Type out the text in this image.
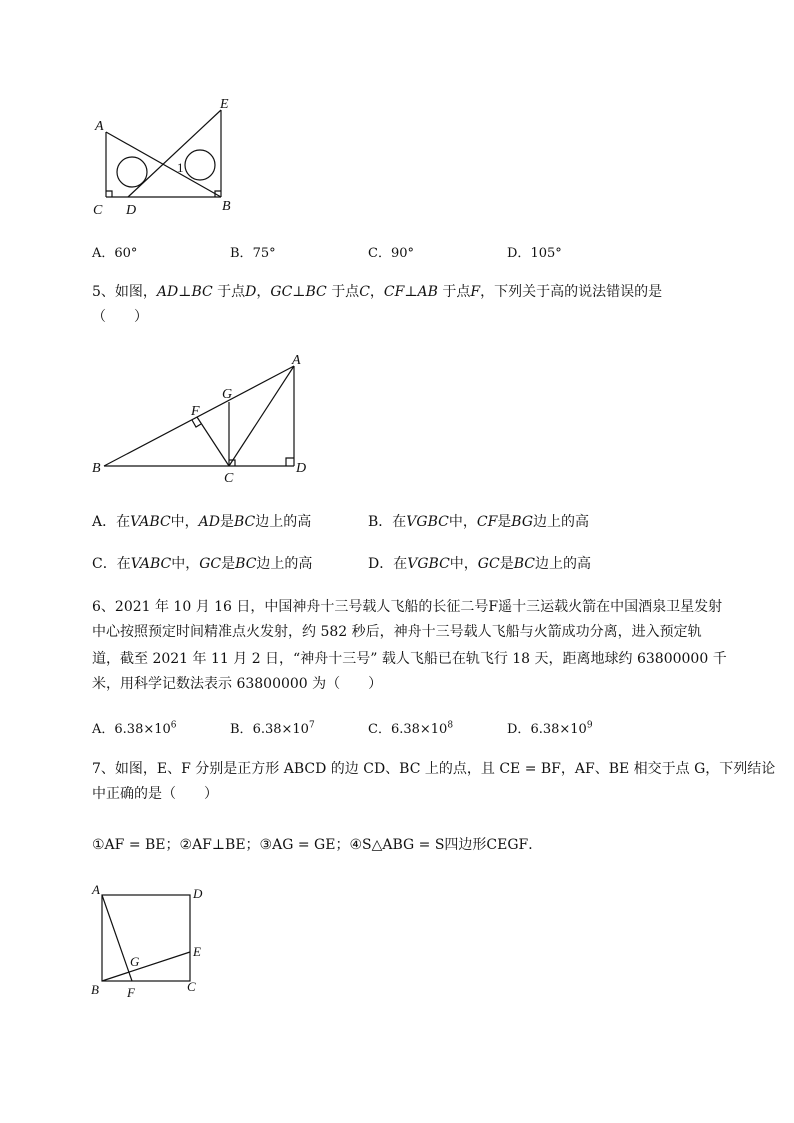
A
E
C D	B
1
A．60°	B．75°	C．90°	D．105°
5、如图，AD⊥BC 于点D，GC⊥BC 于点C，CF⊥AB 于点F，下列关于高的说法错误的是
（　　）
A
G
F
B
C
D
A．在VABC中，AD是BC边上的高	B．在VGBC中，CF是BG边上的高
C．在VABC中，GC是BC边上的高	D．在VGBC中，GC是BC边上的高
6、2021 年 10 月 16 日，中国神舟十三号载人飞船的长征二号F遥十三运载火箭在中国酒泉卫星发射
中心按照预定时间精准点火发射，约 582 秒后，神舟十三号载人飞船与火箭成功分离，进入预定轨
道，截至 2021 年 11 月 2 日，“神舟十三号” 载人飞船已在轨飞行 18 天，距离地球约 63800000 千
米，用科学记数法表示 63800000 为（　　）
A．$6.38\times 10^6$	B．$6.38\times 10^7$	C．$6.38\times 10^8$	D．$6.38\times 10^9$
7、如图，E、F 分别是正方形 ABCD 的边 CD、BC 上的点，且 CE = BF，AF、BE 相交于点 G，下列结论
中正确的是（　　）
①AF = BE；②AF⊥BE；③AG = GE；④S△ABG = S四边形CEGF．
A	D
E
G
B F	C
